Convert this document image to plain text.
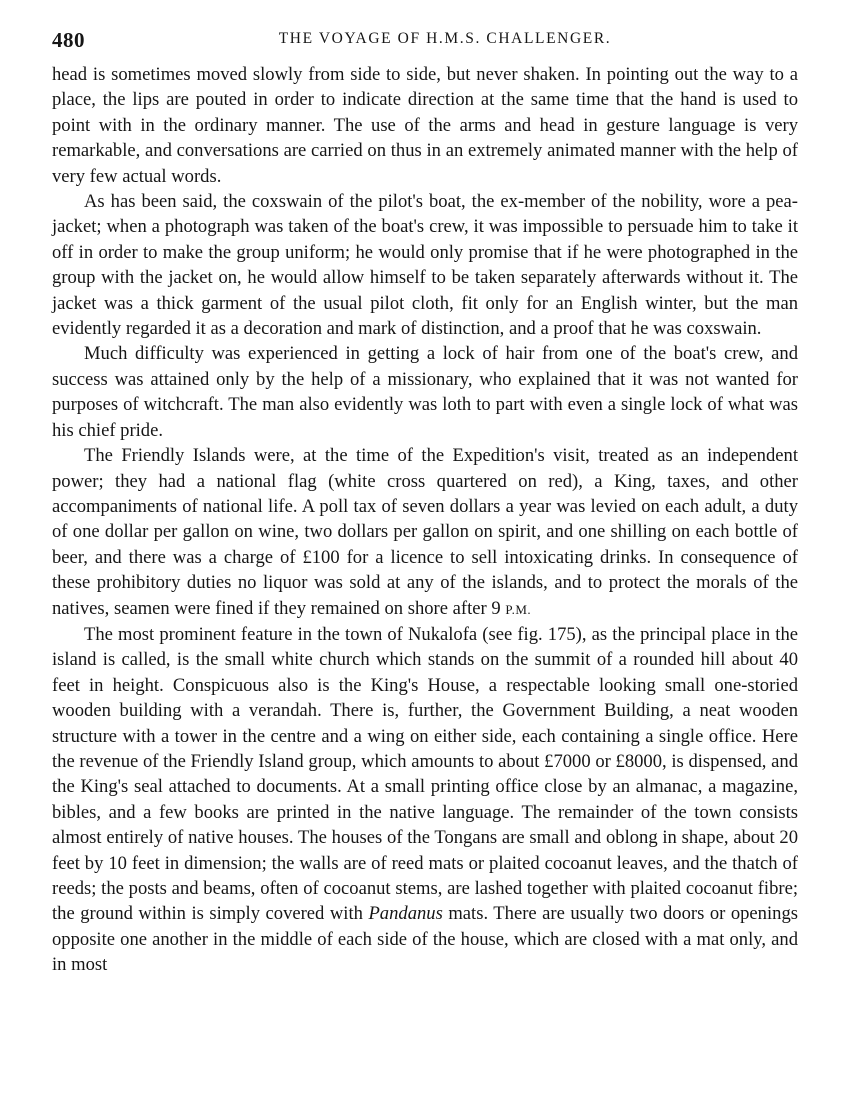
480	THE VOYAGE OF H.M.S. CHALLENGER.

head is sometimes moved slowly from side to side, but never shaken. In pointing out the way to a place, the lips are pouted in order to indicate direction at the same time that the hand is used to point with in the ordinary manner. The use of the arms and head in gesture language is very remarkable, and conversations are carried on thus in an extremely animated manner with the help of very few actual words.

As has been said, the coxswain of the pilot's boat, the ex-member of the nobility, wore a pea-jacket; when a photograph was taken of the boat's crew, it was impossible to persuade him to take it off in order to make the group uniform; he would only promise that if he were photographed in the group with the jacket on, he would allow himself to be taken separately afterwards without it. The jacket was a thick garment of the usual pilot cloth, fit only for an English winter, but the man evidently regarded it as a decoration and mark of distinction, and a proof that he was coxswain.

Much difficulty was experienced in getting a lock of hair from one of the boat's crew, and success was attained only by the help of a missionary, who explained that it was not wanted for purposes of witchcraft. The man also evidently was loth to part with even a single lock of what was his chief pride.

The Friendly Islands were, at the time of the Expedition's visit, treated as an independent power; they had a national flag (white cross quartered on red), a King, taxes, and other accompaniments of national life. A poll tax of seven dollars a year was levied on each adult, a duty of one dollar per gallon on wine, two dollars per gallon on spirit, and one shilling on each bottle of beer, and there was a charge of £100 for a licence to sell intoxicating drinks. In consequence of these prohibitory duties no liquor was sold at any of the islands, and to protect the morals of the natives, seamen were fined if they remained on shore after 9 P.M.

The most prominent feature in the town of Nukalofa (see fig. 175), as the principal place in the island is called, is the small white church which stands on the summit of a rounded hill about 40 feet in height. Conspicuous also is the King's House, a respectable looking small one-storied wooden building with a verandah. There is, further, the Government Building, a neat wooden structure with a tower in the centre and a wing on either side, each containing a single office. Here the revenue of the Friendly Island group, which amounts to about £7000 or £8000, is dispensed, and the King's seal attached to documents. At a small printing office close by an almanac, a magazine, bibles, and a few books are printed in the native language. The remainder of the town consists almost entirely of native houses. The houses of the Tongans are small and oblong in shape, about 20 feet by 10 feet in dimension; the walls are of reed mats or plaited cocoanut leaves, and the thatch of reeds; the posts and beams, often of cocoanut stems, are lashed together with plaited cocoanut fibre; the ground within is simply covered with Pandanus mats. There are usually two doors or openings opposite one another in the middle of each side of the house, which are closed with a mat only, and in most
